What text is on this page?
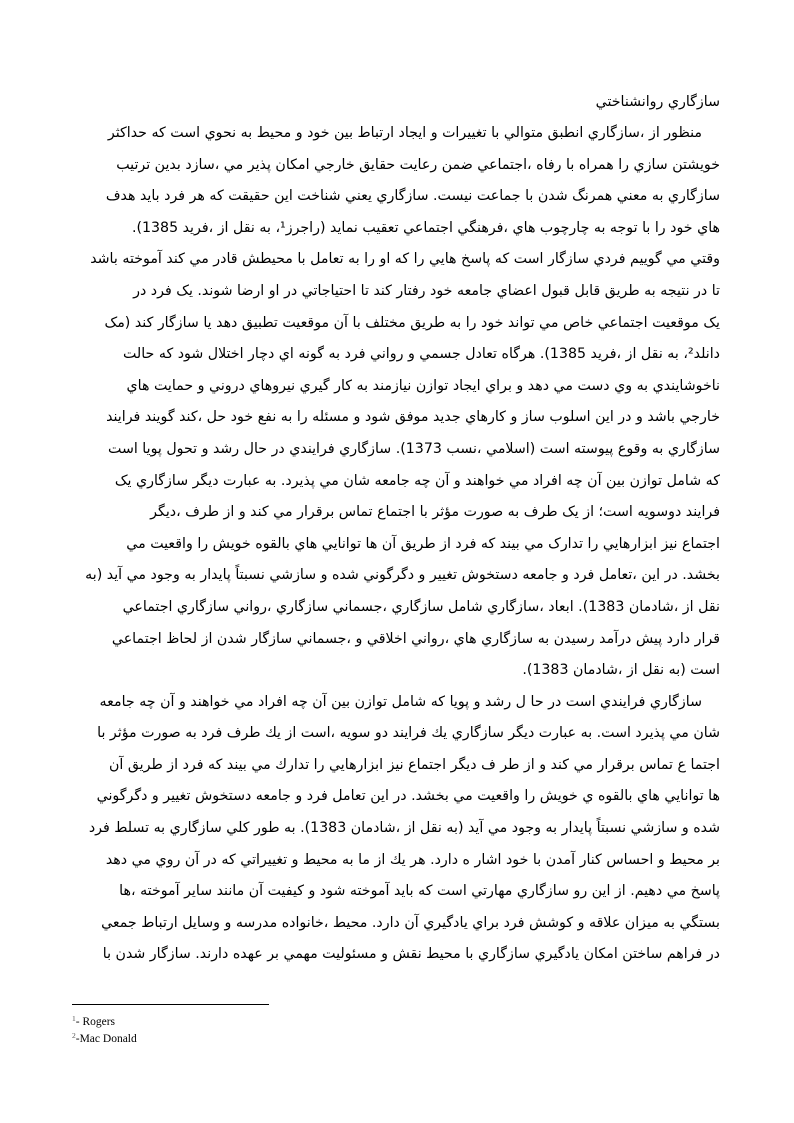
سازگاري روانشناختي
منظور از ،سازگاري انطبق متوالي با تغييرات و ايجاد ارتباط بين خود و محيط به نحوي است كه حداكثر
خويشتن سازي را همراه با رفاه ،اجتماعي ضمن رعايت حقايق خارجي امكان پذير مي ،سازد بدين ترتيب
سازگاري به معني همرنگ شدن با جماعت نيست. سازگاري يعني شناخت اين حقيقت كه هر فرد بايد هدف
هاي خود را با توجه به چارچوب هاي ،فرهنگي اجتماعي تعقيب نمايد (راجرز¹، به نقل از ،فريد 1385).
وقتي مي گوييم فردي سازگار است كه پاسخ هايي را كه او را به تعامل با محيطش قادر مي كند آموخته باشد
تا در نتيجه به طريق قابل قبول اعضاي جامعه خود رفتار كند تا احتياجاتي در او ارضا شوند. يک فرد در
يک موقعيت اجتماعي خاص مي تواند خود را به طريق مختلف با آن موقعيت تطبيق دهد يا سازگار كند (مک
دانلد²، به نقل از ،فريد 1385). هرگاه تعادل جسمي و رواني فرد به گونه اي دچار اختلال شود كه حالت
ناخوشايندي به وي دست مي دهد و براي ايجاد توازن نيازمند به كار گيري نيروهاي دروني و حمايت هاي
خارجي باشد و در اين اسلوب ساز و كارهاي جديد موفق شود و مسئله را به نفع خود حل ،كند گويند فرايند
سازگاري به وقوع پيوسته است (اسلامي ،نسب 1373). سازگاري فرايندي در حال رشد و تحول پويا است
كه شامل توازن بين آن چه افراد مي خواهند و آن چه جامعه شان مي پذيرد. به عبارت ديگر سازگاري يک
فرايند دوسويه است؛ از يک طرف به صورت مؤثر با اجتماع تماس برقرار مي كند و از طرف ،ديگر
اجتماع نيز ابزارهايي را تدارک مي بيند كه فرد از طريق آن ها توانايي هاي بالقوه خويش را واقعيت مي
بخشد. در اين ،تعامل فرد و جامعه دستخوش تغيير و دگرگوني شده و سازشي نسبتاً پايدار به وجود مي آيد (به
نقل از ،شادمان 1383). ابعاد ،سازگاري شامل سازگاري ،جسماني سازگاري ،رواني سازگاري اجتماعي
قرار دارد پيش درآمد رسيدن به سازگاري هاي ،رواني اخلاقي و ،جسماني سازگار شدن از لحاظ اجتماعي
است (به نقل از ،شادمان 1383).
سازگاري فرايندي است در حا ل رشد و پويا كه شامل توازن بين آن چه افراد مي خواهند و آن چه جامعه
شان مي پذيرد است. به عبارت ديگر سازگاري يك فرايند دو سويه ،است از يك طرف فرد به صورت مؤثر با
اجتما ع تماس برقرار مي كند و از طر ف ديگر اجتماع نيز ابزارهايي را تدارك مي بيند كه فرد از طريق آن
ها توانايي هاي بالقوه ي خويش را واقعيت مي بخشد. در اين تعامل فرد و جامعه دستخوش تغيير و دگرگوني
شده و سازشي نسبتاً پايدار به وجود مي آيد (به نقل از ،شادمان 1383). به طور كلي سازگاري به تسلط فرد
بر محيط و احساس كنار آمدن با خود اشار ه دارد. هر يك از ما به محيط و تغييراتي كه در آن روي مي دهد
پاسخ مي دهيم. از اين رو سازگاري مهارتي است كه بايد آموخته شود و كيفيت آن مانند ساير آموخته ،ها
بستگي به ميزان علاقه و كوشش فرد براي يادگيري آن دارد. محيط ،خانواده مدرسه و وسايل ارتباط جمعي
در فراهم ساختن امكان يادگيري سازگاري با محيط نقش و مسئوليت مهمي بر عهده دارند. سازگار شدن با
$^1$- Rogers
$^2$-Mac Donald
